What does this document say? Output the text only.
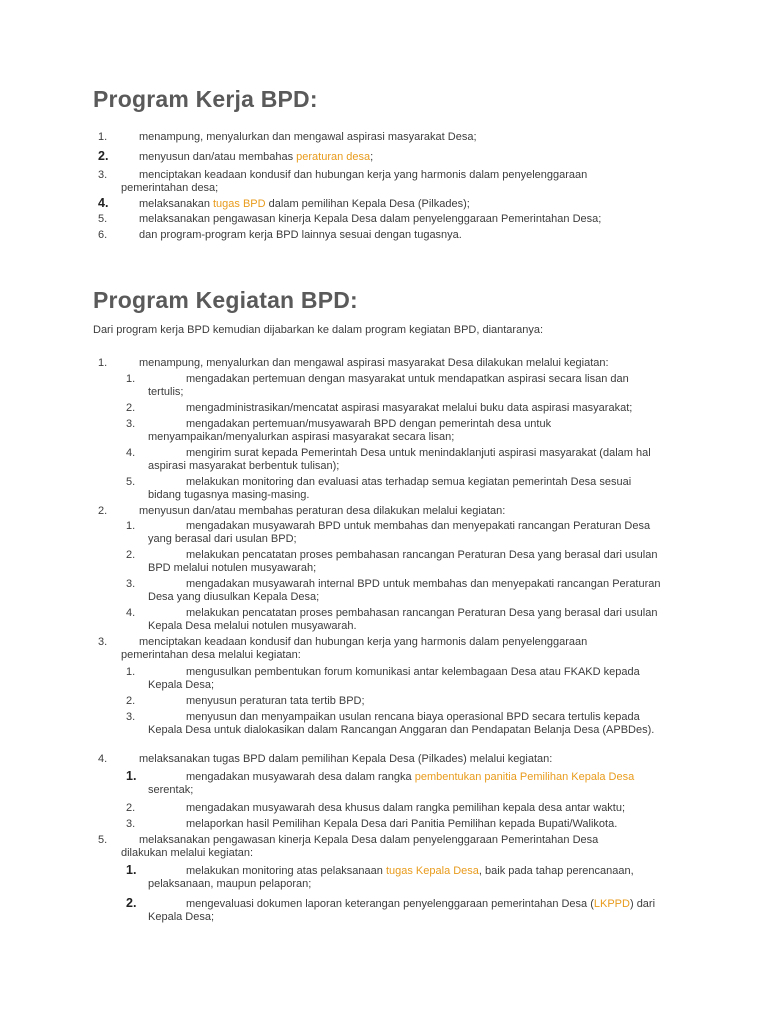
Program Kerja BPD:
1.	menampung, menyalurkan dan mengawal aspirasi masyarakat Desa;
2.	menyusun dan/atau membahas peraturan desa;
3.	menciptakan keadaan kondusif dan hubungan kerja yang harmonis dalam penyelenggaraan pemerintahan desa;
4.	melaksanakan tugas BPD dalam pemilihan Kepala Desa (Pilkades);
5.	melaksanakan pengawasan kinerja Kepala Desa dalam penyelenggaraan Pemerintahan Desa;
6.	dan program-program kerja BPD lainnya sesuai dengan tugasnya.
Program Kegiatan BPD:

Dari program kerja BPD kemudian dijabarkan ke dalam program kegiatan BPD, diantaranya:

1.	menampung, menyalurkan dan mengawal aspirasi masyarakat Desa dilakukan melalui kegiatan:
1.	mengadakan pertemuan dengan masyarakat untuk mendapatkan aspirasi secara lisan dan tertulis;
2.	mengadministrasikan/mencatat aspirasi masyarakat melalui buku data aspirasi masyarakat;
3.	mengadakan pertemuan/musyawarah BPD dengan pemerintah desa untuk menyampaikan/menyalurkan aspirasi masyarakat secara lisan;
4.	mengirim surat kepada Pemerintah Desa untuk menindaklanjuti aspirasi masyarakat (dalam hal aspirasi masyarakat berbentuk tulisan);
5.	melakukan monitoring dan evaluasi atas terhadap semua kegiatan pemerintah Desa sesuai bidang tugasnya masing-masing.
2.	menyusun dan/atau membahas peraturan desa dilakukan melalui kegiatan:
1.	mengadakan musyawarah BPD untuk membahas dan menyepakati rancangan Peraturan Desa yang berasal dari usulan BPD;
2.	melakukan pencatatan proses pembahasan rancangan Peraturan Desa yang berasal dari usulan BPD melalui notulen musyawarah;
3.	mengadakan musyawarah internal BPD untuk membahas dan menyepakati rancangan Peraturan Desa yang diusulkan Kepala Desa;
4.	melakukan pencatatan proses pembahasan rancangan Peraturan Desa yang berasal dari usulan Kepala Desa melalui notulen musyawarah.
3.	menciptakan keadaan kondusif dan hubungan kerja yang harmonis dalam penyelenggaraan pemerintahan desa melalui kegiatan:
1.	mengusulkan pembentukan forum komunikasi antar kelembagaan Desa atau FKAKD kepada Kepala Desa;
2.	menyusun peraturan tata tertib BPD;
3.	menyusun dan menyampaikan usulan rencana biaya operasional BPD secara tertulis kepada Kepala Desa untuk dialokasikan dalam Rancangan Anggaran dan Pendapatan Belanja Desa (APBDes).
4.	melaksanakan tugas BPD dalam pemilihan Kepala Desa (Pilkades) melalui kegiatan:
1.	mengadakan musyawarah desa dalam rangka pembentukan panitia Pemilihan Kepala Desa serentak;
2.	mengadakan musyawarah desa khusus dalam rangka pemilihan kepala desa antar waktu;
3.	melaporkan hasil Pemilihan Kepala Desa dari Panitia Pemilihan kepada Bupati/Walikota.
5.	melaksanakan pengawasan kinerja Kepala Desa dalam penyelenggaraan Pemerintahan Desa dilakukan melalui kegiatan:
1.	melakukan monitoring atas pelaksanaan tugas Kepala Desa, baik pada tahap perencanaan, pelaksanaan, maupun pelaporan;
2.	mengevaluasi dokumen laporan keterangan penyelenggaraan pemerintahan Desa (LKPPD) dari Kepala Desa;
